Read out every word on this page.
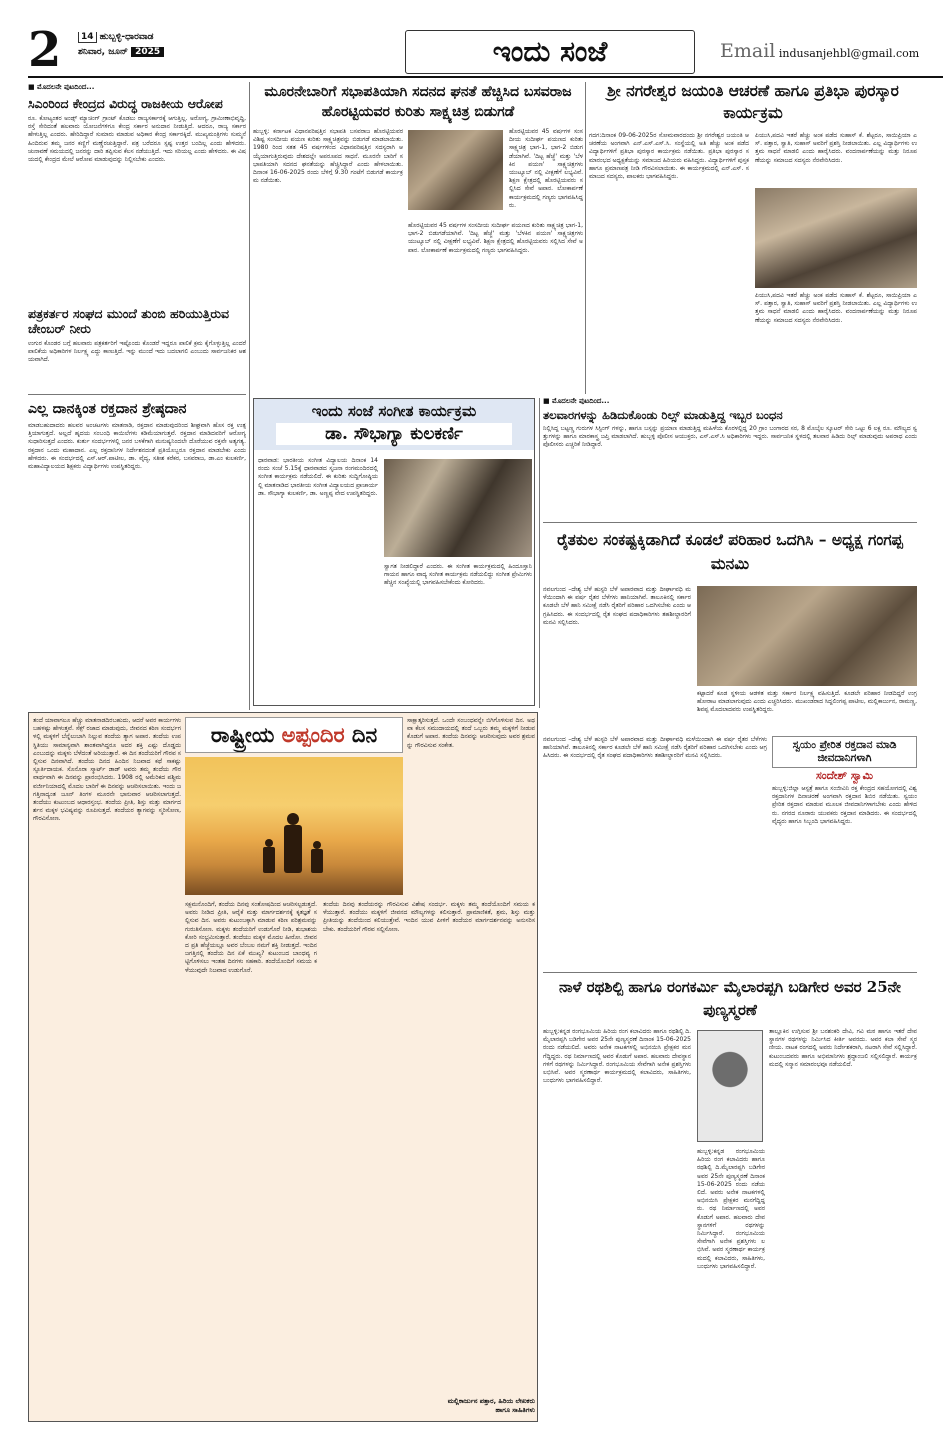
2	14 ಹುಬ್ಬಳ್ಳಿ-ಧಾರವಾಡ
ಶನಿವಾರ, ಜೂನ್ 2025	ಇಂದು ಸಂಜೆ	Email indusanjehbl@gmail.com
■ ಮೊದಲನೇ ಪುಟದಿಂದ...
ಸಿಎಂರಿಂದ ಕೇಂದ್ರದ ವಿರುದ್ಧ ರಾಜಕೀಯ ಆರೋಪ
ರೂ. ಕೋಟ್ಯಂತರ ಅಂಡ್ಸ್ ಮ್ಯಾಚಿಂಗ್ ಗ್ರಾಂಟ್ ಕೊಡಲು ರಾಜ್ಯಸರ್ಕಾರಕ್ಕೆ ಆಗುತ್ತಿಲ್ಲ. ಅರೋಗ್ಯ, ಗ್ರಾಮೀಣಾಭಿವೃದ್ಧಿ, ರಸ್ತೆ ಸೇರಿದಂತೆ ಹಲವಾರು ಯೋಜನೆಗಳಿಗೂ ಕೇಂದ್ರ ಸರ್ಕಾರ ಅನುದಾನ ನೀಡುತ್ತಿದೆ. ಆದರೂ, ರಾಜ್ಯ ಸರ್ಕಾರ ಹೇಳುತ್ತಿಲ್ಲ ಎಂದರು. ಹೇರಿದಿದ್ದಾರೆ ಸುಮಾರು ಮಾಡುವ ಅಧಿಕಾರ ಕೇಂದ್ರ ಸರ್ಕಾರಕ್ಕಿದೆ. ಮುಖ್ಯಮಂತ್ರಿಗಳು ಸುಮ್ಮನೆ ಹಿಂದಿರುವ ತಮ್ಮ ಜನರ ಕಣ್ಣಿಗೆ ಮಣ್ಣೆರಚುತ್ತಿದ್ದಾರೆ. ಪತ್ರ ಬರೆದರೂ ಸ್ಪಷ್ಟ ಉತ್ತರ ಬಂದಿಲ್ಲ ಎಂದು ಹೇಳಿದರು. ಚುನಾವಣೆ ಸಮಯದಲ್ಲಿ ಜನರನ್ನು ದಾರಿ ತಪ್ಪಿಸುವ ಕೆಲಸ ನಡೆಯುತ್ತಿದೆ. ಇದು ಸರಿಯಲ್ಲ ಎಂದು ಹೇಳಿದರು. ಈ ವಿಷಯದಲ್ಲಿ ಕೇಂದ್ರದ ಮೇಲೆ ಆರೋಪ ಮಾಡುವುದನ್ನು ನಿಲ್ಲಿಸಬೇಕು ಎಂದರು.
ಪತ್ರಕರ್ತರ ಸಂಘದ ಮುಂದೆ ತುಂಬಿ ಹರಿಯುತ್ತಿರುವ ಚೇಂಬರ್ ನೀರು
ಉಗುರ ಕೊಂಡರ ಬಗ್ಗೆ ಹಲವಾರು ಪತ್ರಕರ್ತರಿಗೆ ಇಷ್ಟೊಂದು ಕೊಂಡರೆ ಇದ್ದರೂ ಪಾಲಿಕೆ ಕ್ರಮ ಕೈಗೊಳ್ಳುತ್ತಿಲ್ಲ ಎಂದರೆ ಪಾಲಿಕೆಯ ಅಧಿಕಾರಿಗಳ ನಿರ್ಲಕ್ಷ್ಯ ಎದ್ದು ಕಾಣುತ್ತಿದೆ. ಇನ್ನು ಮುಂದೆ ಇದು ಬದಲಾಗಲಿ ಎಂಬುದು ಸಾರ್ವಜನಿಕರ ಆಶಯವಾಗಿದೆ.
ಎಲ್ಲ ದಾನಕ್ಕಿಂತ ರಕ್ತದಾನ ಶ್ರೇಷ್ಠದಾನ
ಮಾಡಬಹುದಾದರು ಹಲವರ ಅಂಚಟಗಳು ಮಾತನಾಡಿ, ರಕ್ತದಾನ ಮಾಡುವುದರಿಂದ ಶೀಘ್ರವಾಗಿ ಹೊಸ ರಕ್ತ ಉತ್ಪತ್ತಿಯಾಗುತ್ತದೆ. ಅಲ್ಲದೆ ಹೃದಯ ಸಂಬಂಧಿ ಕಾಯಿಲೆಗಳು ಕಡಿಮೆಯಾಗುತ್ತವೆ. ರಕ್ತದಾನ ಮಾಡಿದವರಿಗೆ ಆರೋಗ್ಯ ಸುಧಾರಿಸುತ್ತದೆ ಎಂದರು. ಕುರ್ತು ಸಂದರ್ಭಗಳಲ್ಲಿ ಜನರ ಬಳಕೆಗಾಗಿ ಮನುಷ್ಯನಿಂದಲೇ ದೊರೆಯುವ ರಕ್ತವೇ ಅತ್ಯಗತ್ಯ. ರಕ್ತದಾನ ಒಂದು ಮಹಾದಾನ. ಎಲ್ಲ ರಕ್ತದಾನಿಗಳ ನಿರ್ದೇಶನದಂತೆ ಪ್ರತಿಯೊಬ್ಬರೂ ರಕ್ತದಾನ ಮಾಡಬೇಕು ಎಂದು ಹೇಳಿದರು. ಈ ಸಂದರ್ಭದಲ್ಲಿ ಎಸ್.ಆರ್.ಪಾಟೀಲ, ಡಾ. ವೈದ್ಯ, ಸತೀಶ ಕರೆಕರ, ಬಸವರಾಜ, ಡಾ.ಎಂ ಕುಲಕರ್ಣಿ, ಮಹಾವಿದ್ಯಾಲಯದ ಶಿಕ್ಷಕರು ವಿದ್ಯಾರ್ಥಿಗಳು ಉಪಸ್ಥಿತರಿದ್ದರು.
ಮೂರನೇಬಾರಿಗೆ ಸಭಾಪತಿಯಾಗಿ ಸದನದ ಘನತೆ ಹೆಚ್ಚಿಸಿದ ಬಸವರಾಜ ಹೊರಟ್ಟಿಯವರ ಕುರಿತು ಸಾಕ್ಷ್ಯಚಿತ್ರ ಬಿಡುಗಡೆ
ಹುಬ್ಬಳ್ಳಿ: ಕರ್ನಾಟಕ ವಿಧಾನಪರಿಷತ್ತಿನ ಸಭಾಪತಿ ಬಸವರಾಜ ಹೊರಟ್ಟಿಯವರ ವಿಶಿಷ್ಟ ಸಂಸದೀಯ ಪಯಣ ಕುರಿತು ಸಾಕ್ಷ್ಯಚಿತ್ರವನ್ನು ಬಿಡುಗಡೆ ಮಾಡಲಾಯಿತು. 1980 ರಿಂದ ಸತತ 45 ವರ್ಷಗಳಿಂದ ವಿಧಾನಪರಿಷತ್ತಿನ ಸದಸ್ಯರಾಗಿ ಆಯ್ಕೆಯಾಗುತ್ತಿರುವುದು ದೇಶದಲ್ಲೇ ಅಪರೂಪದ ಸಾಧನೆ. ಮೂರನೇ ಬಾರಿಗೆ ಸಭಾಪತಿಯಾಗಿ ಸದನದ ಘನತೆಯನ್ನು ಹೆಚ್ಚಿಸಿದ್ದಾರೆ ಎಂದು ಹೇಳಲಾಯಿತು. ದಿನಾಂಕ 16-06-2025 ರಂದು ಬೆಳಿಗ್ಗೆ 9.30 ಗಂಟೆಗೆ ಬಿಡುಗಡೆ ಕಾರ್ಯಕ್ರಮ ನಡೆಯಿತು.
ಹೊರಟ್ಟಿಯವರ 45 ವರ್ಷಗಳ ಸಂಸದೀಯ ಸುದೀರ್ಘ ಪಯಣದ ಕುರಿತು ಸಾಕ್ಷ್ಯಚಿತ್ರ ಭಾಗ-1, ಭಾಗ-2 ಬಿಡುಗಡೆಯಾಗಿವೆ. 'ದಿಟ್ಟ ಹೆಜ್ಜೆ' ಮತ್ತು 'ಬೆಳಕಿನ ಪಯಣ' ಸಾಕ್ಷ್ಯಚಿತ್ರಗಳು ಯುಟ್ಯೂಬ್ ನಲ್ಲಿ ವೀಕ್ಷಣೆಗೆ ಲಭ್ಯವಿವೆ. ಶಿಕ್ಷಣ ಕ್ಷೇತ್ರದಲ್ಲಿ ಹೊರಟ್ಟಿಯವರು ಸಲ್ಲಿಸಿದ ಸೇವೆ ಅಪಾರ. ಲೋಕಾರ್ಪಣೆ ಕಾರ್ಯಕ್ರಮದಲ್ಲಿ ಗಣ್ಯರು ಭಾಗವಹಿಸಿದ್ದರು.
ಹೊರಟ್ಟಿಯವರ 45 ವರ್ಷಗಳ ಸಂಸದೀಯ ಸುದೀರ್ಘ ಪಯಣದ ಕುರಿತು ಸಾಕ್ಷ್ಯಚಿತ್ರ ಭಾಗ-1, ಭಾಗ-2 ಬಿಡುಗಡೆಯಾಗಿವೆ. 'ದಿಟ್ಟ ಹೆಜ್ಜೆ' ಮತ್ತು 'ಬೆಳಕಿನ ಪಯಣ' ಸಾಕ್ಷ್ಯಚಿತ್ರಗಳು ಯುಟ್ಯೂಬ್ ನಲ್ಲಿ ವೀಕ್ಷಣೆಗೆ ಲಭ್ಯವಿವೆ. ಶಿಕ್ಷಣ ಕ್ಷೇತ್ರದಲ್ಲಿ ಹೊರಟ್ಟಿಯವರು ಸಲ್ಲಿಸಿದ ಸೇವೆ ಅಪಾರ. ಲೋಕಾರ್ಪಣೆ ಕಾರ್ಯಕ್ರಮದಲ್ಲಿ ಗಣ್ಯರು ಭಾಗವಹಿಸಿದ್ದರು.
ಶ್ರೀ ನಗರೇಶ್ವರ ಜಯಂತಿ ಆಚರಣೆ ಹಾಗೂ ಪ್ರತಿಭಾ ಪುರಸ್ಕಾರ ಕಾರ್ಯಕ್ರಮ
ಗದಗ:ದಿನಾಂಕ 09-06-2025ರ ಸೋಮವಾರದಂದು ಶ್ರೀ ನಗರೇಶ್ವರ ಜಯಂತಿ ಆಚರಣೆಯ ಅಂಗವಾಗಿ ಎನ್.ಎಸ್.ಎಸ್.ಸಿ. ಸಂಸ್ಥೆಯಲ್ಲಿ ಅತಿ ಹೆಚ್ಚು ಅಂಕ ಪಡೆದ ವಿದ್ಯಾರ್ಥಿಗಳಿಗೆ ಪ್ರತಿಭಾ ಪುರಸ್ಕಾರ ಕಾರ್ಯಕ್ರಮ ನಡೆಯಿತು. ಪ್ರತಿಭಾ ಪುರಸ್ಕಾರ ಸಮಾರಂಭದ ಅಧ್ಯಕ್ಷತೆಯನ್ನು ಸಮಾಜದ ಹಿರಿಯರು ವಹಿಸಿದ್ದರು. ವಿದ್ಯಾರ್ಥಿಗಳಿಗೆ ಪುಸ್ತಕ ಹಾಗೂ ಪ್ರಮಾಣಪತ್ರ ನೀಡಿ ಗೌರವಿಸಲಾಯಿತು. ಈ ಕಾರ್ಯಕ್ರಮದಲ್ಲಿ ಎನ್.ಎಸ್. ಸಮಾಜದ ಸದಸ್ಯರು, ಪಾಲಕರು ಭಾಗವಹಿಸಿದ್ದರು.
ಪಿಯುಸಿ,ಪದವಿ ಇತರೆ ಹೆಚ್ಚು ಅಂಕ ಪಡೆದ ಸುಹಾಸ್ ಕೆ. ಶೆಟ್ಟರೂ, ಸಾಯಿಪ್ರಿಯಾ ಎಸ್. ಪತ್ತಾರ, ಸ್ವಾತಿ, ಸುಹಾಸ್ ಅವರಿಗೆ ಪ್ರಶಸ್ತಿ ನೀಡಲಾಯಿತು. ಎಲ್ಲ ವಿದ್ಯಾರ್ಥಿಗಳು ಉತ್ತಮ ಸಾಧನೆ ಮಾಡಲಿ ಎಂದು ಹಾರೈಸಿದರು. ವಂದನಾರ್ಪಣೆಯನ್ನು ಮತ್ತು ನಿರೂಪಣೆಯನ್ನು ಸಮಾಜದ ಸದಸ್ಯರು ನೆರವೇರಿಸಿದರು.
ಪಿಯುಸಿ,ಪದವಿ ಇತರೆ ಹೆಚ್ಚು ಅಂಕ ಪಡೆದ ಸುಹಾಸ್ ಕೆ. ಶೆಟ್ಟರೂ, ಸಾಯಿಪ್ರಿಯಾ ಎಸ್. ಪತ್ತಾರ, ಸ್ವಾತಿ, ಸುಹಾಸ್ ಅವರಿಗೆ ಪ್ರಶಸ್ತಿ ನೀಡಲಾಯಿತು. ಎಲ್ಲ ವಿದ್ಯಾರ್ಥಿಗಳು ಉತ್ತಮ ಸಾಧನೆ ಮಾಡಲಿ ಎಂದು ಹಾರೈಸಿದರು. ವಂದನಾರ್ಪಣೆಯನ್ನು ಮತ್ತು ನಿರೂಪಣೆಯನ್ನು ಸಮಾಜದ ಸದಸ್ಯರು ನೆರವೇರಿಸಿದರು.
ಇಂದು ಸಂಜೆ ಸಂಗೀತ ಕಾರ್ಯಕ್ರಮ
ಡಾ. ಸೌಭಾಗ್ಯಾ ಕುಲಕರ್ಣಿ
ಧಾರವಾಡ: ಭಾರತೀಯ ಸಂಗೀತ ವಿದ್ಯಾಲಯ ದಿನಾಂಕ 14 ರಂದು ಸಂಜೆ 5.15ಕ್ಕೆ ಧಾರವಾಡದ ಸೃಜನಾ ರಂಗಮಂದಿರದಲ್ಲಿ ಸಂಗೀತ ಕಾರ್ಯಕ್ರಮ ನಡೆಯಲಿದೆ. ಈ ಕುರಿತು ಸುದ್ದಿಗೋಷ್ಠಿಯಲ್ಲಿ ಮಾತನಾಡಿದ ಭಾರತೀಯ ಸಂಗೀತ ವಿದ್ಯಾಲಯದ ಪ್ರಾಚಾರ್ಯ ಡಾ. ಸೌಭಾಗ್ಯಾ ಕುಲಕರ್ಣಿ, ಡಾ. ಅಣ್ಣಪ್ಪ ವೇದ ಉಪಸ್ಥಿತರಿದ್ದರು.
ಸ್ವಾಗತ ನೀಡಲಿದ್ದಾರೆ ಎಂದರು. ಈ ಸಂಗೀತ ಕಾರ್ಯಕ್ರಮದಲ್ಲಿ ಹಿಂದೂಸ್ತಾನಿ ಗಾಯನ ಹಾಗೂ ವಾದ್ಯ ಸಂಗೀತ ಕಾರ್ಯಕ್ರಮ ನಡೆಯಲಿದ್ದು ಸಂಗೀತ ಪ್ರೇಮಿಗಳು ಹೆಚ್ಚಿನ ಸಂಖ್ಯೆಯಲ್ಲಿ ಭಾಗವಹಿಸಬೇಕೆಂದು ಕೋರಿದರು.
■ ಮೊದಲನೇ ಪುಟದಿಂದ...
ತಲವಾರಗಳನ್ನು ಹಿಡಿದುಕೊಂಡು ರಿಲ್ಸ್ ಮಾಡುತ್ತಿದ್ದ ಇಬ್ಬರ ಬಂಧನ
ನಿಲ್ಲಿಸಿದ್ದ ಬಟ್ಟಣ್ಣ ಗುರುಗಳ ಸಿಸ್ಟಿಂಗ್ ಗಳನ್ನು, ಹಾಗೂ ಬಸ್ಸನ್ನು ಪ್ರಯಾಣ ಮಾಡುತ್ತಿದ್ದ ಮಹಿಳೆಯ ಕೊರಳಲ್ಲಿದ್ದ 20 ಗ್ರಾಂ ಬಂಗಾರದ ಸರ, 8 ಮೊಬೈಲ ಸ್ಕೂಟರ್ ಸೇರಿ ಒಟ್ಟು 6 ಲಕ್ಷ ರೂ. ಮೌಲ್ಯದ ಸ್ವತ್ತುಗಳನ್ನು ಹಾಗೂ ಮಾರಕಾಸ್ತ್ರ ಜಪ್ತಿ ಮಾಡಲಾಗಿದೆ. ಹುಬ್ಬಳ್ಳಿ ಪೊಲೀಸ ಆಯುಕ್ತರು, ಎಸ್.ಎಸ್.ಸಿ ಅಧಿಕಾರಿಗಳು ಇದ್ದರು. ಸಾರ್ವಜನಿಕ ಸ್ಥಳದಲ್ಲಿ ತಲವಾರ ಹಿಡಿದು ರಿಲ್ಸ್ ಮಾಡುವುದು ಅಪರಾಧ ಎಂದು ಪೊಲೀಸರು ಎಚ್ಚರಿಕೆ ನೀಡಿದ್ದಾರೆ.
ರೈತಕುಲ ಸಂಕಷ್ಟಕ್ಕಿಡಾಗಿದೆ ಕೂಡಲೆ ಪರಿಹಾರ ಒದಗಿಸಿ – ಅಧ್ಯಕ್ಷ ಗಂಗಪ್ಪ ಮನಮಿ
ನವಲಗುಂದ –ದೇಶ್ಯ ಬೆಳೆ ಹುಸ್ಟರಿ ಬೆಳೆ ಅಪಾರವಾದ ಮತ್ತು ದೀರ್ಘಾವಧಿ ಮಳೆಯಿಂದಾಗಿ ಈ ವರ್ಷ ರೈತರ ಬೆಳೆಗಳು ಹಾನಿಯಾಗಿವೆ. ತಾಲೂಕಿನಲ್ಲಿ ಸರ್ಕಾರ ಕೂಡಲೇ ಬೆಳೆ ಹಾನಿ ಸಮೀಕ್ಷೆ ನಡೆಸಿ ರೈತರಿಗೆ ಪರಿಹಾರ ಒದಗಿಸಬೇಕು ಎಂದು ಆಗ್ರಹಿಸಿದರು. ಈ ಸಂದರ್ಭದಲ್ಲಿ ರೈತ ಸಂಘದ ಪದಾಧಿಕಾರಿಗಳು ತಹಶೀಲ್ದಾರರಿಗೆ ಮನವಿ ಸಲ್ಲಿಸಿದರು.
ಕಟ್ಟಾದರೆ ಕೂಡ ಸ್ಥಳೀಯ ಆಡಳಿತ ಮತ್ತು ಸರ್ಕಾರ ನಿರ್ಲಕ್ಷ್ಯ ವಹಿಸುತ್ತಿದೆ. ಕೂಡಲೇ ಪರಿಹಾರ ನೀಡದಿದ್ದರೆ ಉಗ್ರ ಹೋರಾಟ ಮಾಡಲಾಗುವುದು ಎಂದು ಎಚ್ಚರಿಸಿದರು. ಮುಖಂಡರಾದ ಸಿದ್ದಲಿಂಗಪ್ಪ ಪಾಟೀಲ, ಮಲ್ಲಿಕಾರ್ಜುನ, ರಾಮಣ್ಣ, ಶಿವಪ್ಪ ಮೊದಲಾದವರು ಉಪಸ್ಥಿತರಿದ್ದರು.
ತಂದೆ ಯಾವಾಗಲೂ ಹೆಚ್ಚು ಮಾತನಾಡದಿರಬಹುದು, ಆದರೆ ಅವರ ಕಾರ್ಯಗಳು ಬಹಳಷ್ಟು ಹೇಳುತ್ತವೆ. ಸೆಕ್ಸ್ ರಜಾದ ಮಾಡುವುದು, ಜೀವನದ ಕಠಿಣ ಸಂದರ್ಭಗಳಲ್ಲಿ ಮಕ್ಕಳಿಗೆ ಬೆನ್ನೆಲುಬಾಗಿ ನಿಲ್ಲುವ ತಂದೆಯ ತ್ಯಾಗ ಅಪಾರ. ತಂದೆಯ ಉಪಸ್ಥಿತಿಯು ಸಾಮಾನ್ಯವಾಗಿ ಶಾಂತವಾಗಿದ್ದರೂ ಅದರ ಶಕ್ತಿ ಎಷ್ಟು ದೊಡ್ಡದು ಎಂಬುದನ್ನು ಮಕ್ಕಳು ಬೆಳೆದಂತೆ ಅರಿಯುತ್ತಾರೆ. ಈ ದಿನ ತಂದೆಯರಿಗೆ ಗೌರವ ಸಲ್ಲಿಸುವ ದಿನವಾಗಿದೆ. ತಂದೆಯ ದಿನದ ಹಿಂದಿನ ನಿಜವಾದ ಕಥೆ ಸಾಕಷ್ಟು ಸ್ಫೂರ್ತಿದಾಯಕ. ಸೊನೊರಾ ಸ್ಮಾರ್ಟ್ ಡಾಡ್ ಅವರು ತಮ್ಮ ತಂದೆಯ ಗೌರವಾರ್ಥವಾಗಿ ಈ ದಿನವನ್ನು ಪ್ರಾರಂಭಿಸಿದರು. 1908 ರಲ್ಲಿ ಅಮೆರಿಕದ ಪಶ್ಚಿಮ ವರ್ಜೀನಿಯಾದಲ್ಲಿ ಮೊದಲ ಬಾರಿಗೆ ಈ ದಿನವನ್ನು ಆಚರಿಸಲಾಯಿತು. ಇಂದು ಜಗತ್ತಿನಾದ್ಯಂತ ಜೂನ್ ತಿಂಗಳ ಮೂರನೇ ಭಾನುವಾರ ಆಚರಿಸಲಾಗುತ್ತದೆ. ತಂದೆಯು ಕುಟುಂಬದ ಆಧಾರಸ್ತಂಭ. ತಂದೆಯ ಪ್ರೀತಿ, ಶಿಸ್ತು ಮತ್ತು ಮಾರ್ಗದರ್ಶನ ಮಕ್ಕಳ ಭವಿಷ್ಯವನ್ನು ರೂಪಿಸುತ್ತದೆ. ತಂದೆಯರ ತ್ಯಾಗವನ್ನು ಸ್ಮರಿಸೋಣ, ಗೌರವಿಸೋಣ.
ರಾಷ್ಟ್ರೀಯ ಅಪ್ಪಂದಿರ ದಿನ
ಸಕ್ಷಮನೊಂದಿಗೆ, ತಂದೆಯ ದಿನವು ಸಂತೋಷದಿಂದ ಆಚರಿಸಲ್ಪಡುತ್ತದೆ. ಅವರು ನೀಡಿದ ಪ್ರೀತಿ, ಆರೈಕೆ ಮತ್ತು ಮಾರ್ಗದರ್ಶನಕ್ಕೆ ಕೃತಜ್ಞತೆ ಸಲ್ಲಿಸುವ ದಿನ. ಅವರು ಕುಟುಂಬಕ್ಕಾಗಿ ಮಾಡುವ ಕಠಿಣ ಪರಿಶ್ರಮವನ್ನು ಗುರುತಿಸೋಣ. ಮಕ್ಕಳು ತಂದೆಯರಿಗೆ ಉಡುಗೊರೆ ನೀಡಿ, ಶುಭಾಶಯ ಕೋರಿ ಸಂಭ್ರಮಿಸುತ್ತಾರೆ. ತಂದೆಯು ಮಕ್ಕಳ ಮೊದಲ ಹೀರೋ. ಜೀವನದ ಪ್ರತಿ ಹೆಜ್ಜೆಯಲ್ಲೂ ಅವರ ಬೆಂಬಲ ನಮಗೆ ಶಕ್ತಿ ನೀಡುತ್ತದೆ. ಇಂದಿನ ಜಗತ್ತಿನಲ್ಲಿ ತಂದೆಯ ದಿನ ಏಕೆ ಮುಖ್ಯ? ಕುಟುಂಬದ ಬಾಂಧವ್ಯ ಗಟ್ಟಿಗೊಳಿಸಲು ಇಂತಹ ದಿನಗಳು ಸಹಕಾರಿ. ತಂದೆಯೊಂದಿಗೆ ಸಮಯ ಕಳೆಯುವುದೇ ನಿಜವಾದ ಉಡುಗೊರೆ.
ಸಾಕ್ಷಾತ್ಕರಿಸುತ್ತದೆ. ಒಂದೇ ಸಂಬಂಧವನ್ನೇ ಬಿಗಿಗೊಳಿಸುವ ದಿನ. ಅಥವಾ ಕೆಲಸ ಸಮುದಾಯದಲ್ಲಿ ತಂದೆ ಒಬ್ಬರು ತಮ್ಮ ಮಕ್ಕಳಿಗೆ ನೀಡುವ ಕೊಡುಗೆ ಅಪಾರ. ತಂದೆಯ ದಿನವನ್ನು ಆಚರಿಸುವುದು ಅವರ ಶ್ರಮವನ್ನು ಗೌರವಿಸುವ ಸಂಕೇತ.
ತಂದೆಯ ದಿನವು ತಂದೆಯರನ್ನು ಗೌರವಿಸುವ ವಿಶೇಷ ಸಂದರ್ಭ. ಮಕ್ಕಳು ತಮ್ಮ ತಂದೆಯೊಂದಿಗೆ ಸಮಯ ಕಳೆಯುತ್ತಾರೆ. ತಂದೆಯು ಮಕ್ಕಳಿಗೆ ಜೀವನದ ಮೌಲ್ಯಗಳನ್ನು ಕಲಿಸುತ್ತಾರೆ. ಪ್ರಾಮಾಣಿಕತೆ, ಶ್ರಮ, ಶಿಸ್ತು ಮತ್ತು ಪ್ರೀತಿಯನ್ನು ತಂದೆಯಿಂದ ಕಲಿಯುತ್ತೇವೆ. ಇಂದಿನ ಯುವ ಪೀಳಿಗೆ ತಂದೆಯರ ಮಾರ್ಗದರ್ಶನವನ್ನು ಅನುಸರಿಸಬೇಕು. ತಂದೆಯರಿಗೆ ಗೌರವ ಸಲ್ಲಿಸೋಣ.
ಮಲ್ಲಿಕಾರ್ಜುನ ಪತ್ತಾರ, ಹಿರಿಯ ಲೇಖಕರು
ಹಾಗೂ ಸಾಹಿತಿಗಳು
ಸ್ವಯಂ ಪ್ರೇರಿತ ರಕ್ತದಾನ ಮಾಡಿ ಜೀವದಾನಿಗಳಾಗಿ
ಸಂದೇಶ್ ಸ್ವಾಮಿ
ಹುಬ್ಬಳ್ಳಿ:ಜಿಲ್ಲಾ ಆಸ್ಪತ್ರೆ ಹಾಗೂ ಸಂಜೀವಿನಿ ರಕ್ತ ಕೇಂದ್ರದ ಸಹಯೋಗದಲ್ಲಿ ವಿಶ್ವ ರಕ್ತದಾನಿಗಳ ದಿನಾಚರಣೆ ಅಂಗವಾಗಿ ರಕ್ತದಾನ ಶಿಬಿರ ನಡೆಯಿತು. ಸ್ವಯಂ ಪ್ರೇರಿತ ರಕ್ತದಾನ ಮಾಡುವ ಮೂಲಕ ಜೀವದಾನಿಗಳಾಗಬೇಕು ಎಂದು ಹೇಳಿದರು. ನಗರದ ನೂರಾರು ಯುವಕರು ರಕ್ತದಾನ ಮಾಡಿದರು. ಈ ಸಂದರ್ಭದಲ್ಲಿ ವೈದ್ಯರು ಹಾಗೂ ಸಿಬ್ಬಂದಿ ಭಾಗವಹಿಸಿದ್ದರು.
ನವಲಗುಂದ –ದೇಶ್ಯ ಬೆಳೆ ಹುಸ್ಟರಿ ಬೆಳೆ ಅಪಾರವಾದ ಮತ್ತು ದೀರ್ಘಾವಧಿ ಮಳೆಯಿಂದಾಗಿ ಈ ವರ್ಷ ರೈತರ ಬೆಳೆಗಳು ಹಾನಿಯಾಗಿವೆ. ತಾಲೂಕಿನಲ್ಲಿ ಸರ್ಕಾರ ಕೂಡಲೇ ಬೆಳೆ ಹಾನಿ ಸಮೀಕ್ಷೆ ನಡೆಸಿ ರೈತರಿಗೆ ಪರಿಹಾರ ಒದಗಿಸಬೇಕು ಎಂದು ಆಗ್ರಹಿಸಿದರು. ಈ ಸಂದರ್ಭದಲ್ಲಿ ರೈತ ಸಂಘದ ಪದಾಧಿಕಾರಿಗಳು ತಹಶೀಲ್ದಾರರಿಗೆ ಮನವಿ ಸಲ್ಲಿಸಿದರು.
ನಾಳೆ ರಥಶಿಲ್ಪಿ ಹಾಗೂ ರಂಗಕರ್ಮಿ ಮೈಲಾರಪ್ಪಗಿ ಬಡಿಗೇರ ಅವರ 25ನೇ ಪುಣ್ಯಸ್ಮರಣೆ
ಹುಬ್ಬಳ್ಳಿ:ಕನ್ನಡ ರಂಗಭೂಮಿಯ ಹಿರಿಯ ರಂಗ ಕಲಾವಿದರು ಹಾಗೂ ರಥಶಿಲ್ಪಿ ದಿ.ಮೈಲಾರಪ್ಪಗಿ ಬಡಿಗೇರ ಅವರ 25ನೇ ಪುಣ್ಯಸ್ಮರಣೆ ದಿನಾಂಕ 15-06-2025 ರಂದು ನಡೆಯಲಿದೆ. ಅವರು ಅನೇಕ ನಾಟಕಗಳಲ್ಲಿ ಅಭಿನಯಿಸಿ ಪ್ರೇಕ್ಷಕರ ಮನಗೆದ್ದಿದ್ದರು. ರಥ ನಿರ್ಮಾಣದಲ್ಲಿ ಅವರ ಕೊಡುಗೆ ಅಪಾರ. ಹಲವಾರು ದೇವಸ್ಥಾನಗಳಿಗೆ ರಥಗಳನ್ನು ನಿರ್ಮಿಸಿದ್ದಾರೆ. ರಂಗಭೂಮಿಯ ಸೇವೆಗಾಗಿ ಅನೇಕ ಪ್ರಶಸ್ತಿಗಳು ಲಭಿಸಿವೆ. ಅವರ ಸ್ಮರಣಾರ್ಥ ಕಾರ್ಯಕ್ರಮದಲ್ಲಿ ಕಲಾವಿದರು, ಸಾಹಿತಿಗಳು, ಬಂಧುಗಳು ಭಾಗವಹಿಸಲಿದ್ದಾರೆ.
ತಾಲ್ಲೂಕಿನ ಉಗ್ಗಿಸುವ ಶ್ರೀ ಬನಶಂಕರಿ ದೇವಿ, ಗವಿ ಮಠ ಹಾಗೂ ಇತರೆ ದೇವಸ್ಥಾನಗಳ ರಥಗಳನ್ನು ನಿರ್ಮಿಸಿದ ಕೀರ್ತಿ ಅವರದು. ಅವರ ಕಲಾ ಸೇವೆ ಸ್ಮರಣೀಯ. ನಾಟಕ ರಂಗದಲ್ಲಿ ಅವರು ನಿರ್ದೇಶಕರಾಗಿ, ನಟರಾಗಿ ಸೇವೆ ಸಲ್ಲಿಸಿದ್ದಾರೆ. ಕುಟುಂಬದವರು ಹಾಗೂ ಅಭಿಮಾನಿಗಳು ಶ್ರದ್ಧಾಂಜಲಿ ಸಲ್ಲಿಸಲಿದ್ದಾರೆ. ಕಾರ್ಯಕ್ರಮದಲ್ಲಿ ಸನ್ಮಾನ ಸಮಾರಂಭವೂ ನಡೆಯಲಿದೆ.
ಹುಬ್ಬಳ್ಳಿ:ಕನ್ನಡ ರಂಗಭೂಮಿಯ ಹಿರಿಯ ರಂಗ ಕಲಾವಿದರು ಹಾಗೂ ರಥಶಿಲ್ಪಿ ದಿ.ಮೈಲಾರಪ್ಪಗಿ ಬಡಿಗೇರ ಅವರ 25ನೇ ಪುಣ್ಯಸ್ಮರಣೆ ದಿನಾಂಕ 15-06-2025 ರಂದು ನಡೆಯಲಿದೆ. ಅವರು ಅನೇಕ ನಾಟಕಗಳಲ್ಲಿ ಅಭಿನಯಿಸಿ ಪ್ರೇಕ್ಷಕರ ಮನಗೆದ್ದಿದ್ದರು. ರಥ ನಿರ್ಮಾಣದಲ್ಲಿ ಅವರ ಕೊಡುಗೆ ಅಪಾರ. ಹಲವಾರು ದೇವಸ್ಥಾನಗಳಿಗೆ ರಥಗಳನ್ನು ನಿರ್ಮಿಸಿದ್ದಾರೆ. ರಂಗಭೂಮಿಯ ಸೇವೆಗಾಗಿ ಅನೇಕ ಪ್ರಶಸ್ತಿಗಳು ಲಭಿಸಿವೆ. ಅವರ ಸ್ಮರಣಾರ್ಥ ಕಾರ್ಯಕ್ರಮದಲ್ಲಿ ಕಲಾವಿದರು, ಸಾಹಿತಿಗಳು, ಬಂಧುಗಳು ಭಾಗವಹಿಸಲಿದ್ದಾರೆ.
